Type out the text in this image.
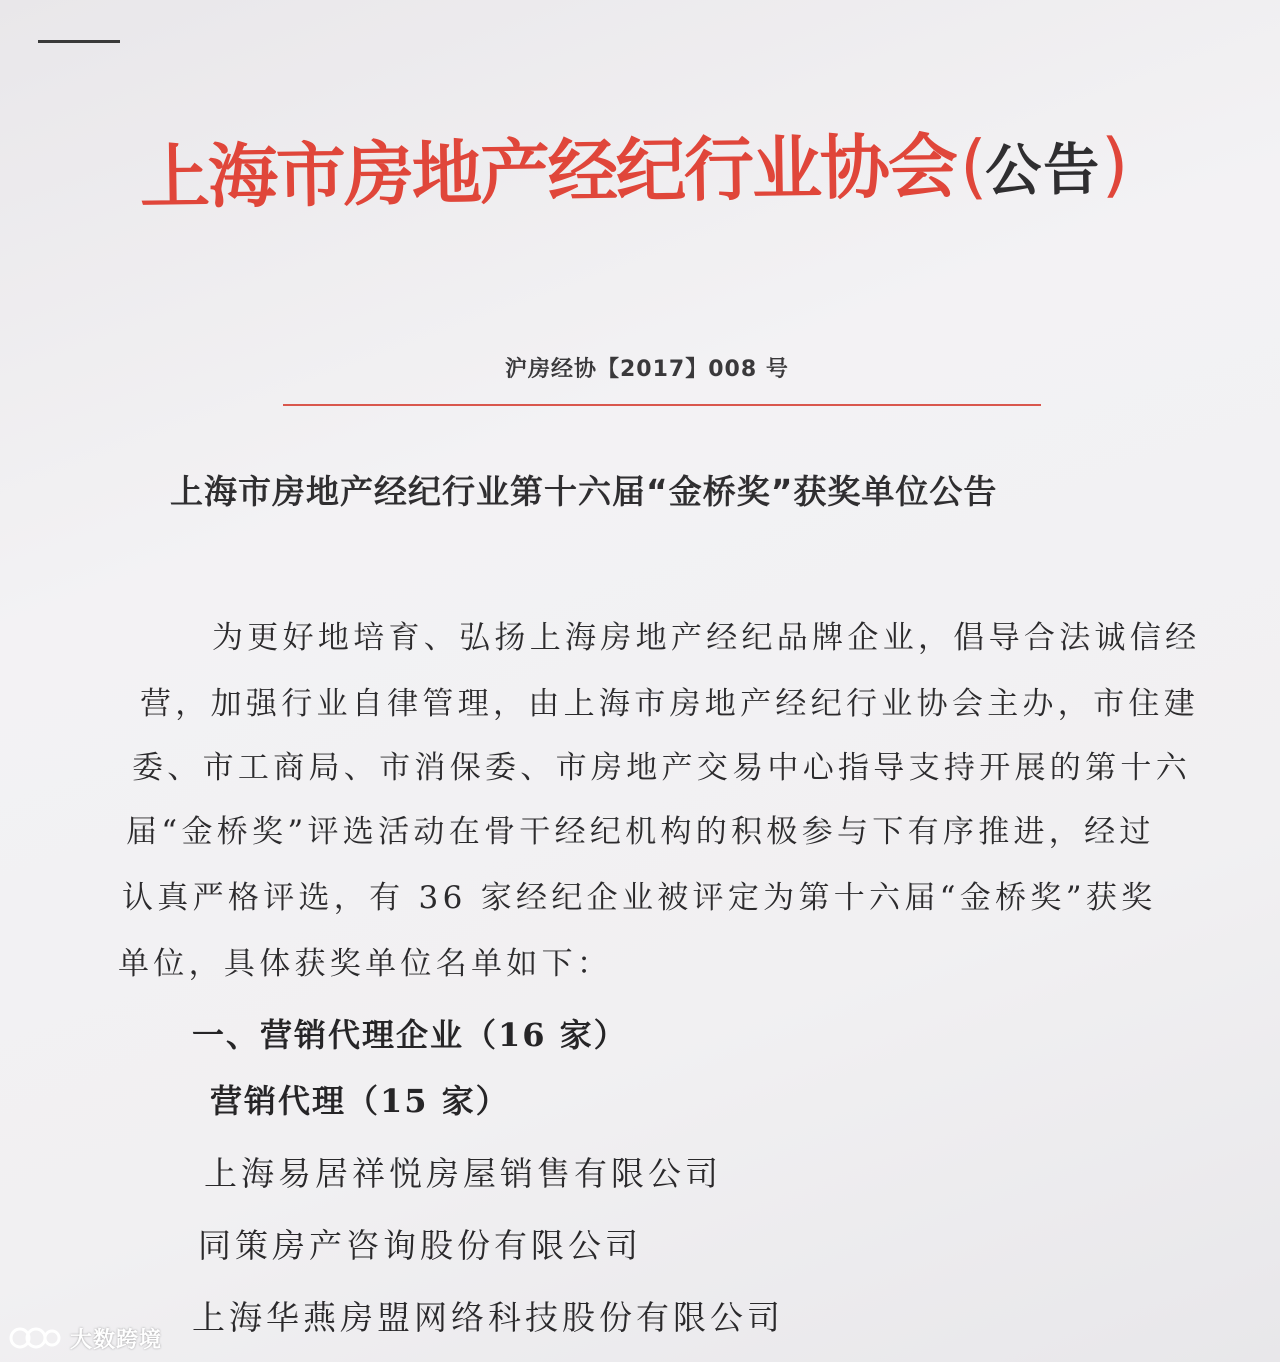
上海市房地产经纪行业协会(公告)
沪房经协【2017】008 号
上海市房地产经纪行业第十六届“金桥奖”获奖单位公告
为更好地培育、弘扬上海房地产经纪品牌企业，倡导合法诚信经
营，加强行业自律管理，由上海市房地产经纪行业协会主办，市住建
委、市工商局、市消保委、市房地产交易中心指导支持开展的第十六
届“金桥奖”评选活动在骨干经纪机构的积极参与下有序推进，经过
认真严格评选，有 36 家经纪企业被评定为第十六届“金桥奖”获奖
单位，具体获奖单位名单如下：
一、营销代理企业（16 家）
营销代理（15 家）
上海易居祥悦房屋销售有限公司
同策房产咨询股份有限公司
上海华燕房盟网络科技股份有限公司
大数跨境
